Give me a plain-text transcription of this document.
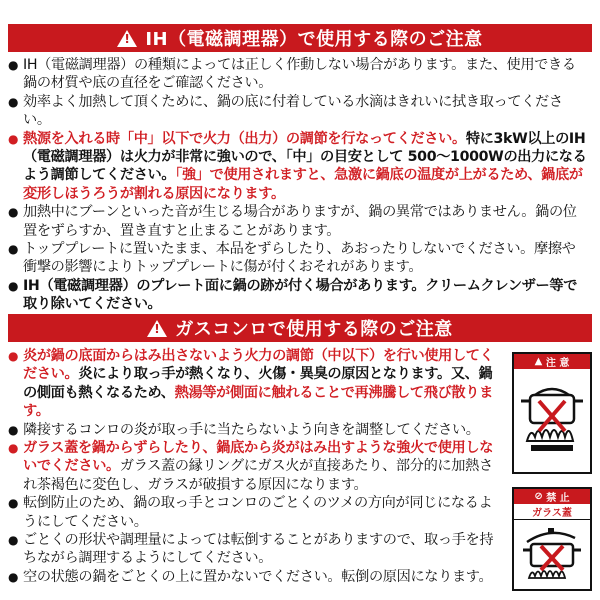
!
IH（電磁調理器）で使用する際のご注意
● IH（電磁調理器）の種類によっては正しく作動しない場合があります。また、使用できる鍋の材質や底の直径をご確認ください。
● 効率よく加熱して頂くために、鍋の底に付着している水滴はきれいに拭き取ってください。
● 熱源を入れる時「中」以下で火力（出力）の調節を行なってください。特に3kW以上のIH（電磁調理器）は火力が非常に強いので、「中」の目安として 500〜1000Wの出力になるよう調節してください。「強」で使用されますと、急激に鍋底の温度が上がるため、鍋底が変形しほうろうが割れる原因になります。
● 加熱中にブーンといった音が生じる場合がありますが、鍋の異常ではありません。鍋の位置をずらすか、置き直すと止まることがあります。
● トッププレートに置いたまま、本品をずらしたり、あおったりしないでください。摩擦や衝撃の影響によりトッププレートに傷が付くおそれがあります。
● IH（電磁調理器）のプレート面に鍋の跡が付く場合があります。クリームクレンザー等で取り除いてください。
!
ガスコンロで使用する際のご注意
● 炎が鍋の底面からはみ出さないよう火力の調節（中以下）を行い使用してください。炎により取っ手が熱くなり、火傷・異臭の原因となります。又、鍋の側面も熱くなるため、熱湯等が側面に触れることで再沸騰して飛び散ります。
● 隣接するコンロの炎が取っ手に当たらないよう向きを調整してください。
● ガラス蓋を鍋からずらしたり、鍋底から炎がはみ出すような強火で使用しないでください。ガラス蓋の縁リングにガス火が直接あたり、部分的に加熱され茶褐色に変色し、ガラスが破損する原因になります。
● 転倒防止のため、鍋の取っ手とコンロのごとくのツメの方向が同じになるようにしてください。
● ごとくの形状や調理量によっては転倒することがありますので、取っ手を持ちながら調理するようにしてください。
● 空の状態の鍋をごとくの上に置かないでください。転倒の原因になります。
▲
注 意
⊘
禁 止
ガラス蓋
